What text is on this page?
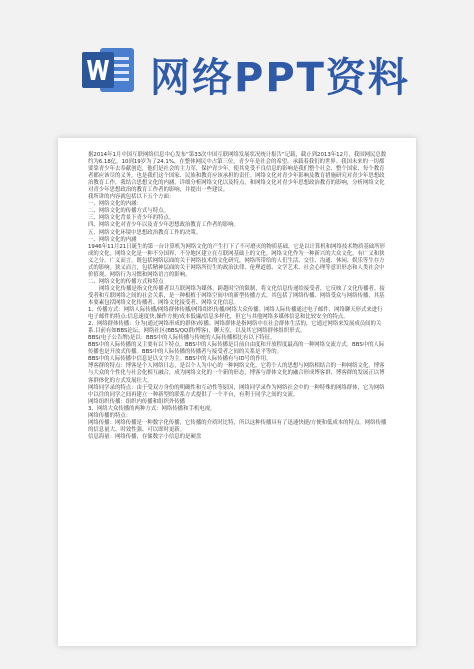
网络PPT资料

据2014年1月中国互联网络信息中心发布“第33次中国互联网络发展状况统计报告”记载，截止到2013年12月，我国网民总数约为6.18亿，10到19岁为了24.1%，在整体网民中占第三位，青少年是社会的希望，承载着我们的世界。我国未来的一切都要靠青少年去奉献创造，他们是社会的主力军，保护青少年，使其免受不良信息的影响是我们整个社会、整个国家、每个教育者都应该尽的义务，也是我们这个国家、民族和教育应该承担的责任。网络文化对青少年影响及教育措施研究对青少年思想政治教育工作，我结合思想文化的内涵，详细分析网络文化以及特点，和网络文化对青少年思想政治教育的影响，分析网络文化对青少年思想政治的教育工作者的影响，并提出一些建议。

我所讲的内容就包括以下五个方面：

一、网络文化的内涵：

二、网络文化的传播方式与特点。

三、网络文化背景下青少年的特点。

四、网络文化对青少年以及青少年思想政治教育工作者的影响。

五、网络文化环境中思想政治教育工作的决策。

一、网络文化的内涵

1946年11月21日诞生的第一台计算机为网络文化的产生打下了不可磨灭的物质基础，它是以计算机和网络技术物质基础所形成的文化。网络文化是一种不分国界、不分地区建立在互联网基础上的文化。网络文化作为一种新兴的大众文化，有广义和狭义之分。广义而言，既包括网络层面的关于网络技术的文化研究，网络所带给的人们生活、交往、沟通、休闲、娱乐等生存方式的影响。狭义而言，包括精神层面的关于网络所衍生的政治法律、伦理道德、文学艺术、社会心理等意识形态和人类社会中价值观、网络行为习惯和网络语言的影响。

二、网络文化的传播方式和特点

网络文化传播是指文化传播者以互联网络为媒体，跨越时空的限制，将文化信息传递给接受者，它反映了文化传播者、接受者和互联网络之间的社会关系，是一种根植于网络空间中的新型传播方式。其包括了网络传播、网络受众与网络传播，其基本要素包括网络文化传播者、网络文化接受者、网络文化信息。

1、传播方式：网络人际传播/网络群体传播/网络组织传播/网络大众传播。网络人际传播通过电子邮件、网络聊天形式来进行

电子邮件的特点:信息速度快,操作方便/成本低廉/信息多样化，但它与其他网络多媒体信息和比较安全的特点。

2、网络群体传播：分为(通过网络形成的群体)传播、网络群体是指网络中在社会群体生活的，它通过网络来发展成员间的关系.目前有如BBS论坛，网络社区(BBS/QQ群/博客)，聊天室，以及其它网络群体组织形式。

BBS(电子公告牌)是以：BBS中的人际传播与传统的人际传播相比有以下特征。

BBS中的人际传播的又主要有以下特点。BBS中的人际传播是目前自由度和开放程度最高的一种网络交流方式。BBS中的人际传播也是开放式传播。BBS中的人际传播的传播者与接受者之间的关系是平等的。

BBS中的人际传播中信息是以文字为主。BBS中的人际传播有与ID号的作用。

博客群的特点：博客是个人网络日志，是以个人为中心的一种网络文化，它将个人的思想与网络相结合的一种网络文化。博客与大众的个性化与社会化相互融合，成为网络文化的一个新的形态，博客与群体文化的融合形成博客群，博客群的发展正以博客群体化的方式发展壮大。

网络同学录的特点：由于受双方身份的明确性和互动性等原因，网络同学录作为网络社会中的一种特殊的网络群体，它为网络中以往的同学之间再建立一种新型的联系方式提供了一个平台，有利于同学之间的交流。

网络组织传播：组织内传播和组织外传播

3、网络大众传播的两种方式：网络传播和手机电视。

网络传播的特点：

网络传播：网络传播是一种数字化传播，它传播的介质时比特，所以这种传播具有了迅速快捷/方便和低成本的特点。网络传播的信息量大、时效性强、可以即时更新。

信息海量：网络传播，存储数字小信息的是硬盘
